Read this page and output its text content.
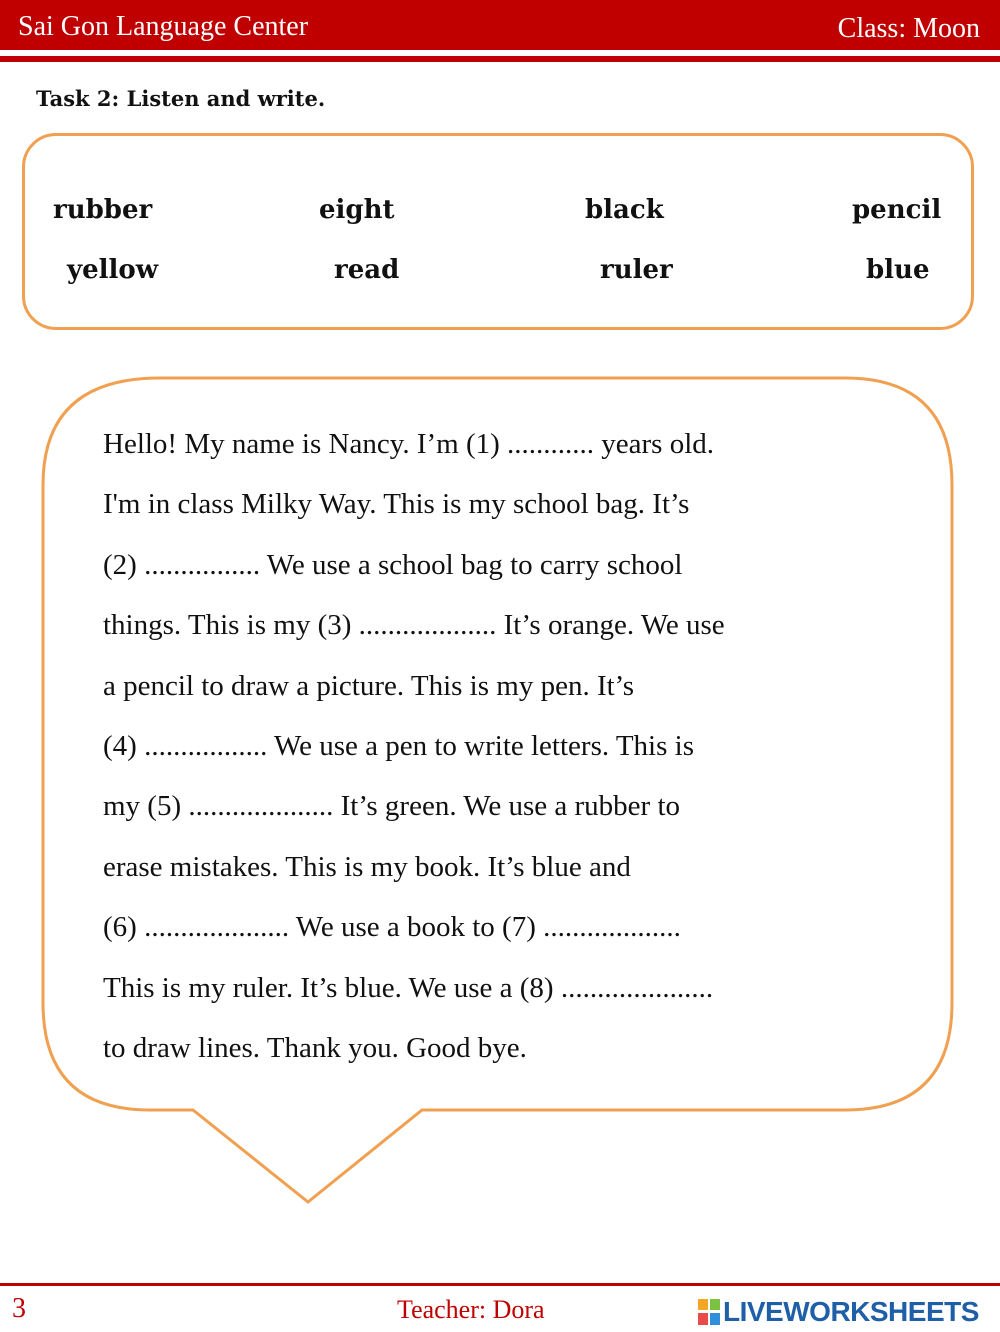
Sai Gon Language Center	Class: Moon
Task 2: Listen and write.
rubber	eight	black	pencil
yellow	read	ruler	blue
Hello! My name is Nancy. I’m (1) ............ years old.
I'm in class Milky Way. This is my school bag. It’s
(2) ................ We use a school bag to carry school
things. This is my (3) ................... It’s orange. We use
a pencil to draw a picture. This is my pen. It’s
(4) ................. We use a pen to write letters. This is
my (5) .................... It’s green. We use a rubber to
erase mistakes. This is my book. It’s blue and
(6) .................... We use a book to (7) ...................
This is my ruler. It’s blue. We use a (8) .....................
to draw lines. Thank you. Good bye.
3	Teacher: Dora	LIVEWORKSHEETS
